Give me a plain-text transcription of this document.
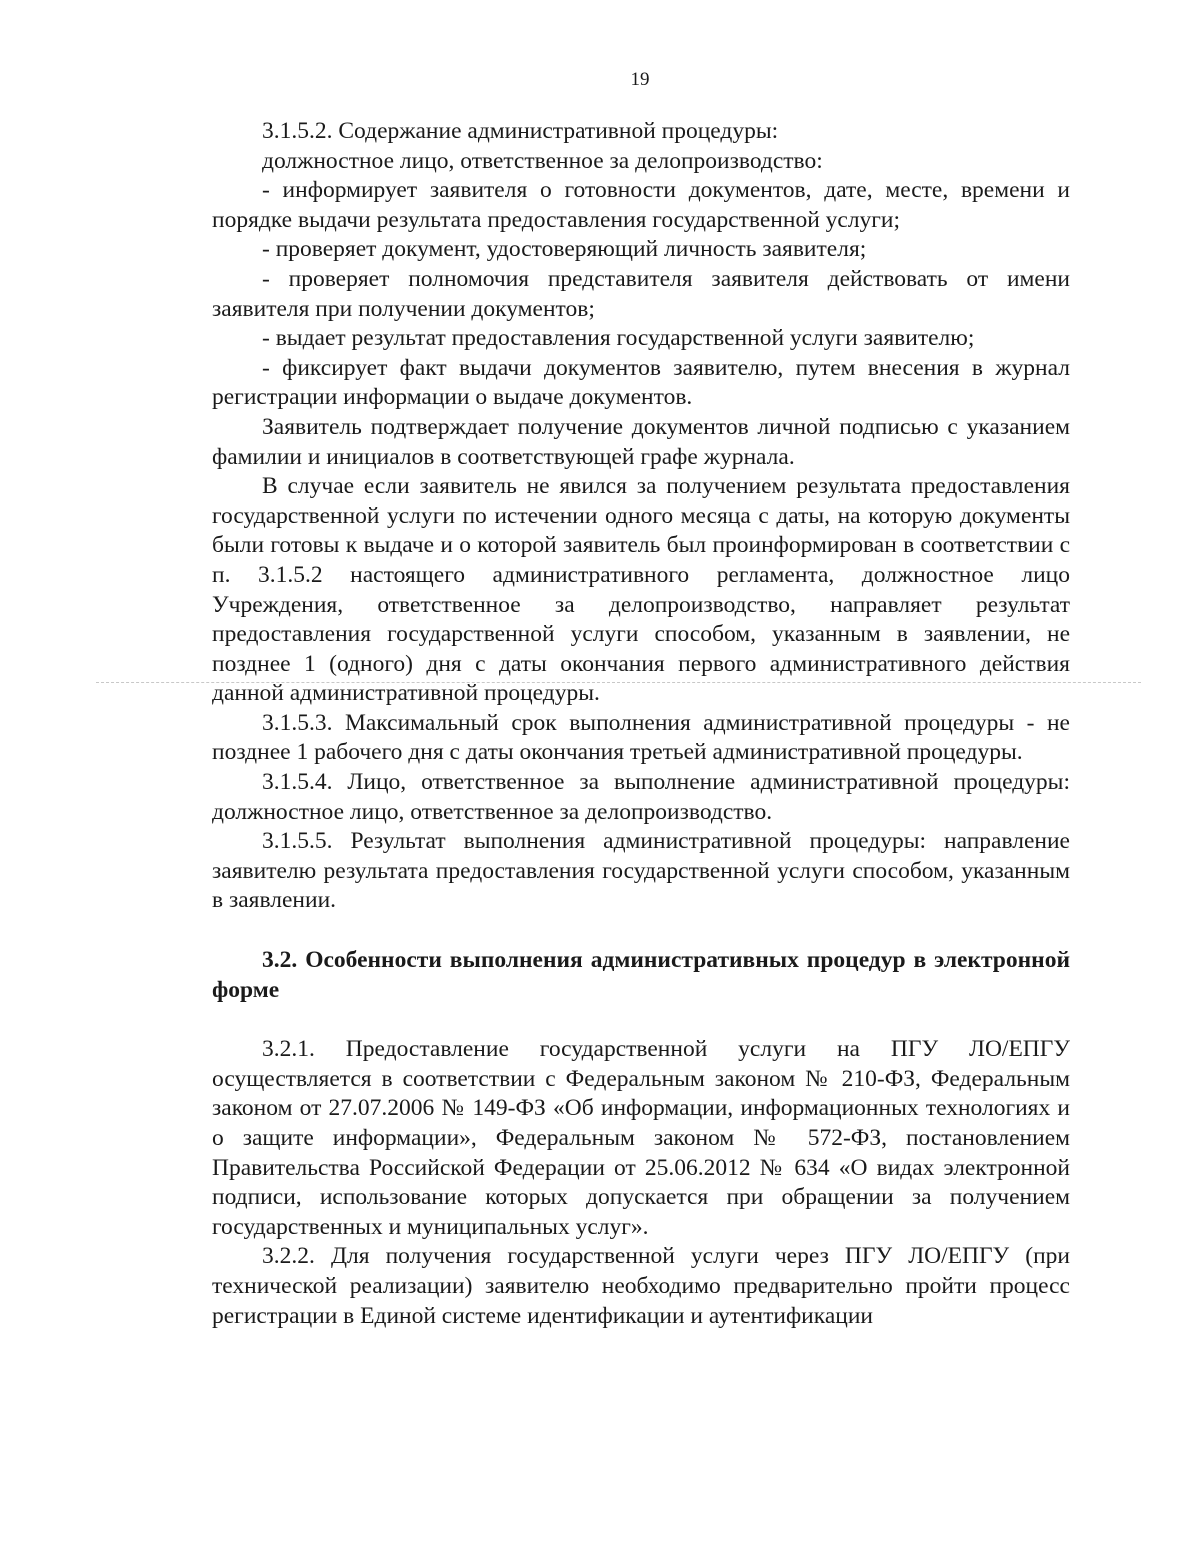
19

3.1.5.2. Содержание административной процедуры:

должностное лицо, ответственное за делопроизводство:

- информирует заявителя о готовности документов, дате, месте, времени и порядке выдачи результата предоставления государственной услуги;

- проверяет документ, удостоверяющий личность заявителя;

- проверяет полномочия представителя заявителя действовать от имени заявителя при получении документов;

- выдает результат предоставления государственной услуги заявителю;

- фиксирует факт выдачи документов заявителю, путем внесения в журнал регистрации информации о выдаче документов.

Заявитель подтверждает получение документов личной подписью с указанием фамилии и инициалов в соответствующей графе журнала.

В случае если заявитель не явился за получением результата предоставления государственной услуги по истечении одного месяца с даты, на которую документы были готовы к выдаче и о которой заявитель был проинформирован в соответствии с п. 3.1.5.2 настоящего административного регламента, должностное лицо Учреждения, ответственное за делопроизводство, направляет результат предоставления государственной услуги способом, указанным в заявлении, не позднее 1 (одного) дня с даты окончания первого административного действия данной административной процедуры.

3.1.5.3. Максимальный срок выполнения административной процедуры - не позднее 1 рабочего дня с даты окончания третьей административной процедуры.

3.1.5.4. Лицо, ответственное за выполнение административной процедуры: должностное лицо, ответственное за делопроизводство.

3.1.5.5. Результат выполнения административной процедуры: направление заявителю результата предоставления государственной услуги способом, указанным в заявлении.

3.2. Особенности выполнения административных процедур в электронной форме

3.2.1. Предоставление государственной услуги на ПГУ ЛО/ЕПГУ осуществляется в соответствии с Федеральным законом № 210-ФЗ, Федеральным законом от 27.07.2006 № 149-ФЗ «Об информации, информационных технологиях и о защите информации», Федеральным законом № 572-ФЗ, постановлением Правительства Российской Федерации от 25.06.2012 № 634 «О видах электронной подписи, использование которых допускается при обращении за получением государственных и муниципальных услуг».

3.2.2. Для получения государственной услуги через ПГУ ЛО/ЕПГУ (при технической реализации) заявителю необходимо предварительно пройти процесс регистрации в Единой системе идентификации и аутентификации
